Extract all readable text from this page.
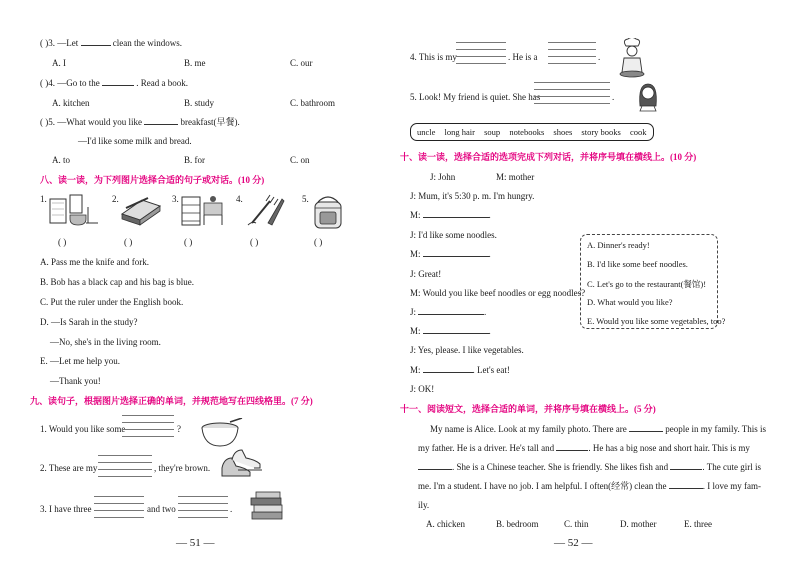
( )3. —Let	clean the windows.
A. I	B. me	C. our
( )4. —Go to the	. Read a book.
A. kitchen	B. study	C. bathroom
( )5. —What would you like	breakfast(早餐).
—I'd like some milk and bread.
A. to	B. for	C. on
八、读一读，为下列图片选择合适的句子或对话。(10 分)
1.	2.	3.	4.	5.
( )	( )	( )	( )	( )
A. Pass me the knife and fork.
B. Bob has a black cap and his bag is blue.
C. Put the ruler under the English book.
D. —Is Sarah in the study?
—No, she's in the living room.
E. —Let me help you.
—Thank you!
九、读句子，根据图片选择正确的单词，并规范地写在四线格里。(7 分)
1. Would you like some	?
2. These are my	, they're brown.
3. I have three	and two	.
— 51 —
4. This is my	. He is a	.
5. Look! My friend is quiet. She has	.
uncle long hair soup notebooks shoes story books cook
十、读一读，选择合适的选项完成下列对话，并将序号填在横线上。(10 分)
J: John	M: mother
J: Mum, it's 5:30 p. m. I'm hungry.
M:	.
J: I'd like some noodles.
M:	.
J: Great!
M: Would you like beef noodles or egg noodles?
J:	.
M:	.
J: Yes, please. I like vegetables.
M:	. Let's eat!
J: OK!
A. Dinner's ready!
B. I'd like some beef noodles.
C. Let's go to the restaurant(餐馆)!
D. What would you like?
E. Would you like some vegetables, too?
十一、阅读短文，选择合适的单词，并将序号填在横线上。(5 分)
My name is Alice. Look at my family photo. There are	people in my family. This is
my father. He is a driver. He's tall and	. He has a big nose and short hair. This is my
. She is a Chinese teacher. She is friendly. She likes fish and	. The cute girl is
me. I'm a student. I have no job. I am helpful. I often(经常) clean the	. I love my fam-
ily.
A. chicken	B. bedroom	C. thin	D. mother	E. three
— 52 —
